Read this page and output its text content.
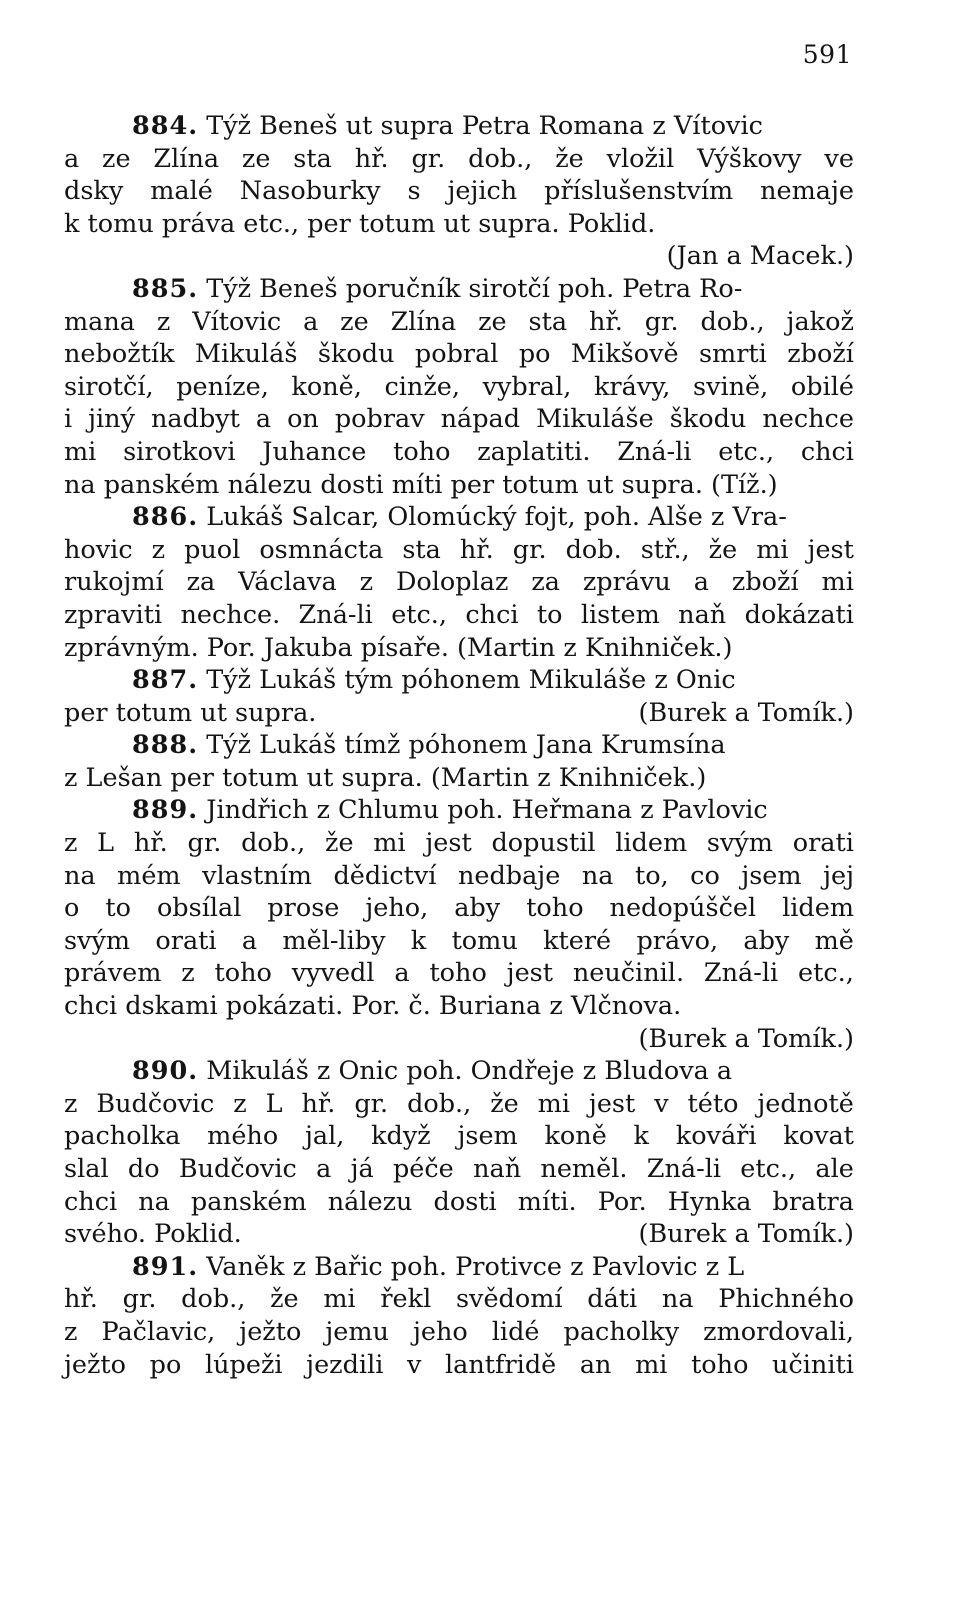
591
884. Týž Beneš ut supra Petra Romana z Vítovic
a ze Zlína ze sta hř. gr. dob., že vložil Výškovy ve
dsky malé Nasoburky s jejich příslušenstvím nemaje
k tomu práva etc., per totum ut supra. Poklid.
(Jan a Macek.)
885. Týž Beneš poručník sirotčí poh. Petra Ro-
mana z Vítovic a ze Zlína ze sta hř. gr. dob., jakož
nebožtík Mikuláš škodu pobral po Mikšově smrti zboží
sirotčí, peníze, koně, cinže, vybral, krávy, svině, obilé
i jiný nadbyt a on pobrav nápad Mikuláše škodu nechce
mi sirotkovi Juhance toho zaplatiti. Zná-li etc., chci
na panském nálezu dosti míti per totum ut supra. (Tíž.)
886. Lukáš Salcar, Olomúcký fojt, poh. Alše z Vra-
hovic z puol osmnácta sta hř. gr. dob. stř., že mi jest
rukojmí za Václava z Doloplaz za zprávu a zboží mi
zpraviti nechce. Zná-li etc., chci to listem naň dokázati
zprávným. Por. Jakuba písaře. (Martin z Knihniček.)
887. Týž Lukáš tým póhonem Mikuláše z Onic
per totum ut supra.	(Burek a Tomík.)
888. Týž Lukáš tímž póhonem Jana Krumsína
z Lešan per totum ut supra. (Martin z Knihniček.)
889. Jindřich z Chlumu poh. Heřmana z Pavlovic
z L hř. gr. dob., že mi jest dopustil lidem svým orati
na mém vlastním dědictví nedbaje na to, co jsem jej
o to obsílal prose jeho, aby toho nedopúščel lidem
svým orati a měl-liby k tomu které právo, aby mě
právem z toho vyvedl a toho jest neučinil. Zná-li etc.,
chci dskami pokázati. Por. č. Buriana z Vlčnova.
(Burek a Tomík.)
890. Mikuláš z Onic poh. Ondřeje z Bludova a
z Budčovic z L hř. gr. dob., že mi jest v této jednotě
pacholka mého jal, když jsem koně k kováři kovat
slal do Budčovic a já péče naň neměl. Zná-li etc., ale
chci na panském nálezu dosti míti. Por. Hynka bratra
svého. Poklid.	(Burek a Tomík.)
891. Vaněk z Bařic poh. Protivce z Pavlovic z L
hř. gr. dob., že mi řekl svědomí dáti na Phichného
z Pačlavic, ježto jemu jeho lidé pacholky zmordovali,
ježto po lúpeži jezdili v lantfridě an mi toho učiniti
